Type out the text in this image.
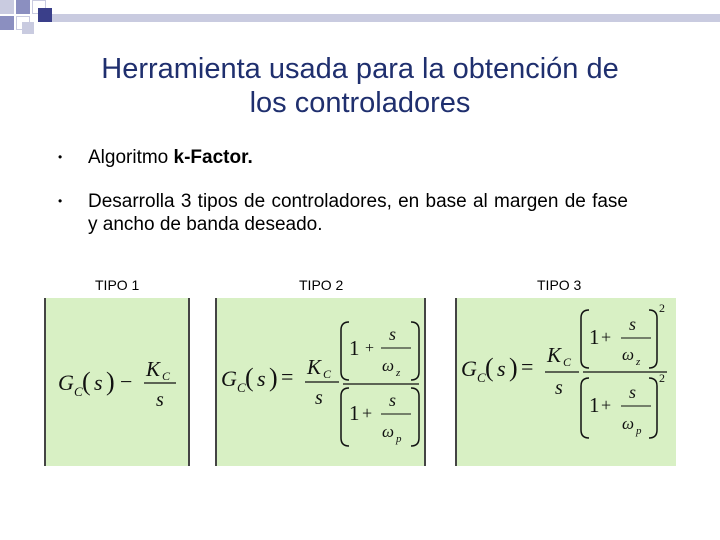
Herramienta usada para la obtención de
los controladores
• Algoritmo k-Factor.
• Desarrolla 3 tipos de controladores, en base al margen de fase y ancho de banda deseado.
TIPO 1	TIPO 2	TIPO 3
G C ( s ) − K C
s
G C ( s ) = K C
s
1 +
s
ω z
1 +
s
ω p
G C ( s ) = K C
s
1 +
s
ω z
2
1 +
s
ω p
2
